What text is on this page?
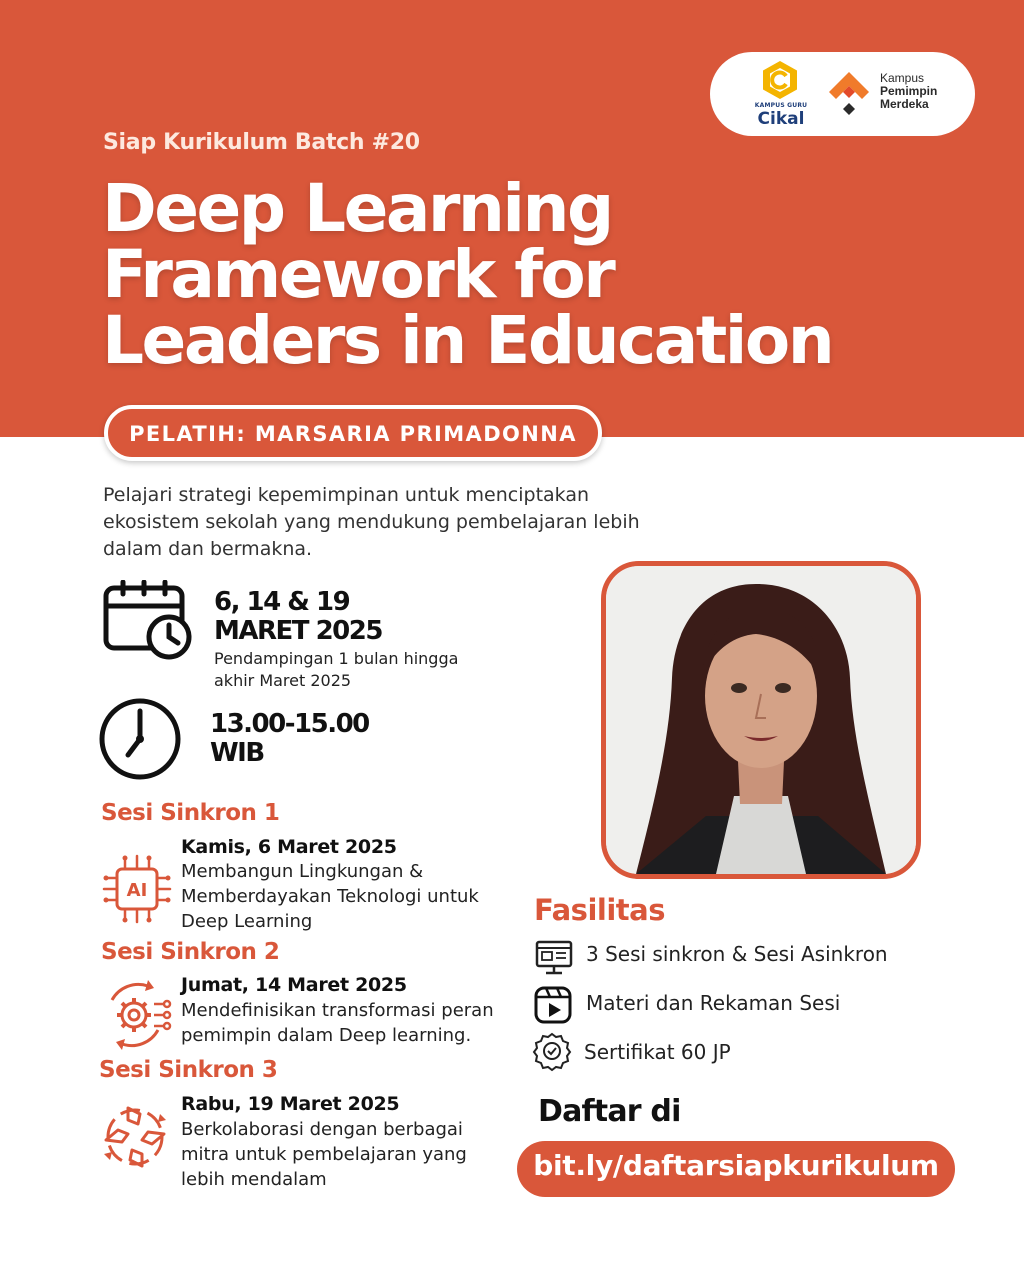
KAMPUS GURU
Cikal
Kampus
Pemimpin
Merdeka
Siap Kurikulum Batch #20
Deep Learning
Framework for
Leaders in Education
PELATIH: MARSARIA PRIMADONNA
Pelajari strategi kepemimpinan untuk menciptakan ekosistem sekolah yang mendukung pembelajaran lebih dalam dan bermakna.
6, 14 & 19
MARET 2025
Pendampingan 1 bulan hingga akhir Maret 2025
13.00-15.00
WIB
Sesi Sinkron 1
AI
Kamis, 6 Maret 2025
Membangun Lingkungan & Memberdayakan Teknologi untuk Deep Learning
Sesi Sinkron 2
Jumat, 14 Maret 2025
Mendefinisikan transformasi peran pemimpin dalam Deep learning.
Sesi Sinkron 3
Rabu, 19 Maret 2025
Berkolaborasi dengan berbagai mitra untuk pembelajaran yang lebih mendalam
Fasilitas
3 Sesi sinkron & Sesi Asinkron
Materi dan Rekaman Sesi
Sertifikat 60 JP
Daftar di
bit.ly/daftarsiapkurikulum
